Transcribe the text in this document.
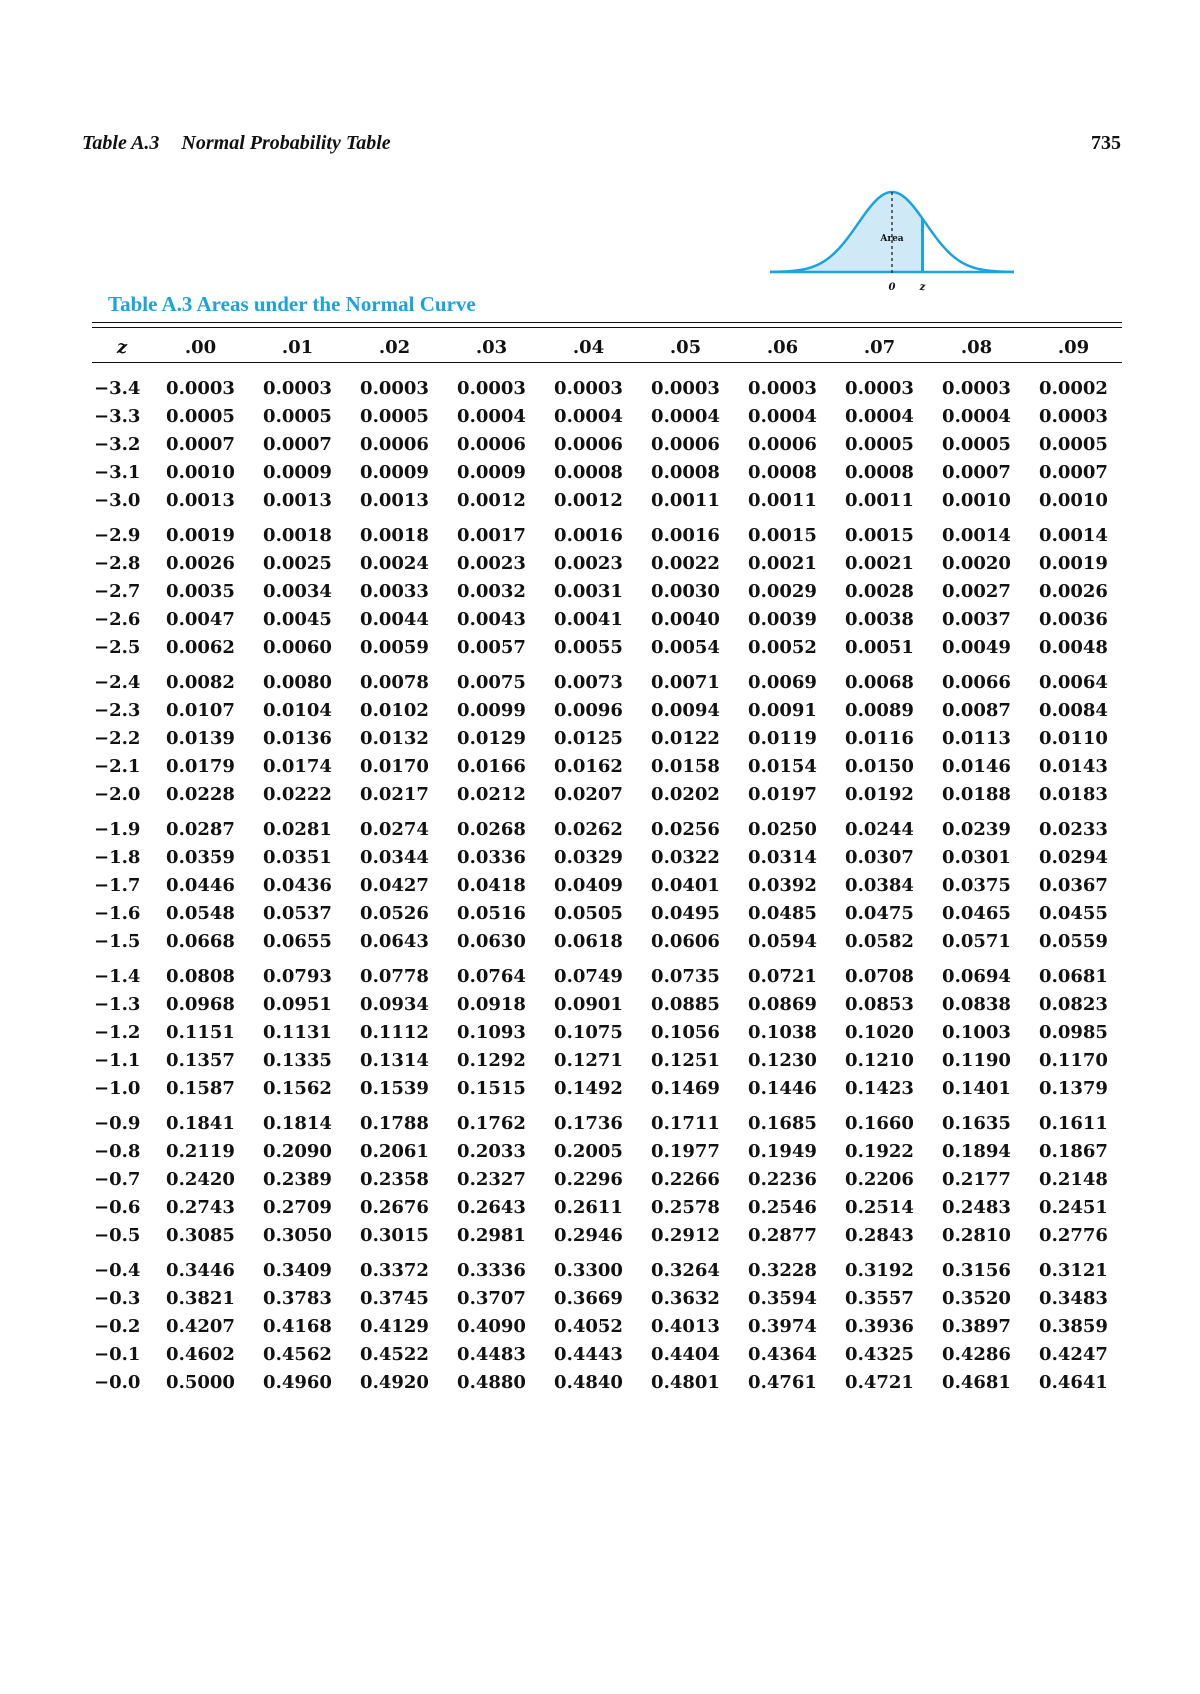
Table A.3 Normal Probability Table	735
Area
0 z
Table A.3 Areas under the Normal Curve
z	.00	.01	.02	.03	.04	.05	.06	.07	.08	.09
−3.4	0.0003	0.0003	0.0003	0.0003	0.0003	0.0003	0.0003	0.0003	0.0003	0.0002
−3.3	0.0005	0.0005	0.0005	0.0004	0.0004	0.0004	0.0004	0.0004	0.0004	0.0003
−3.2	0.0007	0.0007	0.0006	0.0006	0.0006	0.0006	0.0006	0.0005	0.0005	0.0005
−3.1	0.0010	0.0009	0.0009	0.0009	0.0008	0.0008	0.0008	0.0008	0.0007	0.0007
−3.0	0.0013	0.0013	0.0013	0.0012	0.0012	0.0011	0.0011	0.0011	0.0010	0.0010
−2.9	0.0019	0.0018	0.0018	0.0017	0.0016	0.0016	0.0015	0.0015	0.0014	0.0014
−2.8	0.0026	0.0025	0.0024	0.0023	0.0023	0.0022	0.0021	0.0021	0.0020	0.0019
−2.7	0.0035	0.0034	0.0033	0.0032	0.0031	0.0030	0.0029	0.0028	0.0027	0.0026
−2.6	0.0047	0.0045	0.0044	0.0043	0.0041	0.0040	0.0039	0.0038	0.0037	0.0036
−2.5	0.0062	0.0060	0.0059	0.0057	0.0055	0.0054	0.0052	0.0051	0.0049	0.0048
−2.4	0.0082	0.0080	0.0078	0.0075	0.0073	0.0071	0.0069	0.0068	0.0066	0.0064
−2.3	0.0107	0.0104	0.0102	0.0099	0.0096	0.0094	0.0091	0.0089	0.0087	0.0084
−2.2	0.0139	0.0136	0.0132	0.0129	0.0125	0.0122	0.0119	0.0116	0.0113	0.0110
−2.1	0.0179	0.0174	0.0170	0.0166	0.0162	0.0158	0.0154	0.0150	0.0146	0.0143
−2.0	0.0228	0.0222	0.0217	0.0212	0.0207	0.0202	0.0197	0.0192	0.0188	0.0183
−1.9	0.0287	0.0281	0.0274	0.0268	0.0262	0.0256	0.0250	0.0244	0.0239	0.0233
−1.8	0.0359	0.0351	0.0344	0.0336	0.0329	0.0322	0.0314	0.0307	0.0301	0.0294
−1.7	0.0446	0.0436	0.0427	0.0418	0.0409	0.0401	0.0392	0.0384	0.0375	0.0367
−1.6	0.0548	0.0537	0.0526	0.0516	0.0505	0.0495	0.0485	0.0475	0.0465	0.0455
−1.5	0.0668	0.0655	0.0643	0.0630	0.0618	0.0606	0.0594	0.0582	0.0571	0.0559
−1.4	0.0808	0.0793	0.0778	0.0764	0.0749	0.0735	0.0721	0.0708	0.0694	0.0681
−1.3	0.0968	0.0951	0.0934	0.0918	0.0901	0.0885	0.0869	0.0853	0.0838	0.0823
−1.2	0.1151	0.1131	0.1112	0.1093	0.1075	0.1056	0.1038	0.1020	0.1003	0.0985
−1.1	0.1357	0.1335	0.1314	0.1292	0.1271	0.1251	0.1230	0.1210	0.1190	0.1170
−1.0	0.1587	0.1562	0.1539	0.1515	0.1492	0.1469	0.1446	0.1423	0.1401	0.1379
−0.9	0.1841	0.1814	0.1788	0.1762	0.1736	0.1711	0.1685	0.1660	0.1635	0.1611
−0.8	0.2119	0.2090	0.2061	0.2033	0.2005	0.1977	0.1949	0.1922	0.1894	0.1867
−0.7	0.2420	0.2389	0.2358	0.2327	0.2296	0.2266	0.2236	0.2206	0.2177	0.2148
−0.6	0.2743	0.2709	0.2676	0.2643	0.2611	0.2578	0.2546	0.2514	0.2483	0.2451
−0.5	0.3085	0.3050	0.3015	0.2981	0.2946	0.2912	0.2877	0.2843	0.2810	0.2776
−0.4	0.3446	0.3409	0.3372	0.3336	0.3300	0.3264	0.3228	0.3192	0.3156	0.3121
−0.3	0.3821	0.3783	0.3745	0.3707	0.3669	0.3632	0.3594	0.3557	0.3520	0.3483
−0.2	0.4207	0.4168	0.4129	0.4090	0.4052	0.4013	0.3974	0.3936	0.3897	0.3859
−0.1	0.4602	0.4562	0.4522	0.4483	0.4443	0.4404	0.4364	0.4325	0.4286	0.4247
−0.0	0.5000	0.4960	0.4920	0.4880	0.4840	0.4801	0.4761	0.4721	0.4681	0.4641
